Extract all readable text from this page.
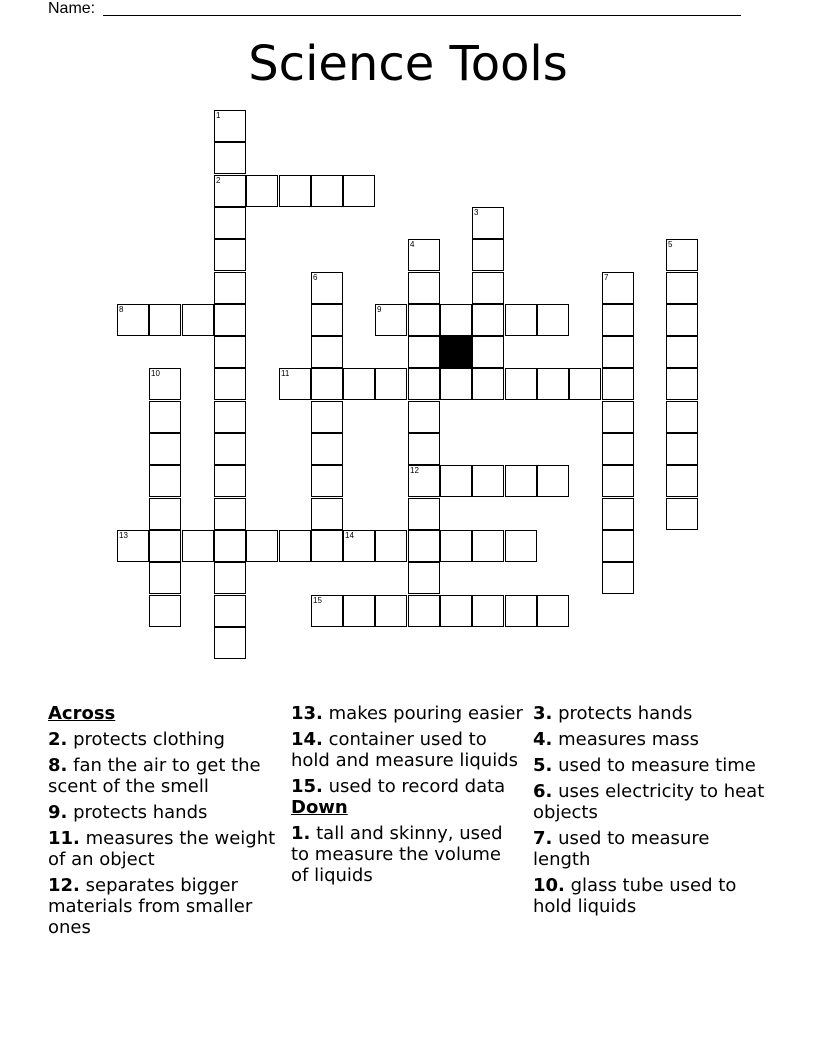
Name:
Science Tools
1
2
3
4
12
5
6	7
8	9
10	11
13	14
15
Across
2. protects clothing
8. fan the air to get the scent of the smell
9. protects hands
11. measures the weight of an object
12. separates bigger materials from smaller ones
13. makes pouring easier
14. container used to hold and measure liquids
15. used to record data
Down
1. tall and skinny, used to measure the volume of liquids
3. protects hands
4. measures mass
5. used to measure time
6. uses electricity to heat objects
7. used to measure length
10. glass tube used to hold liquids
